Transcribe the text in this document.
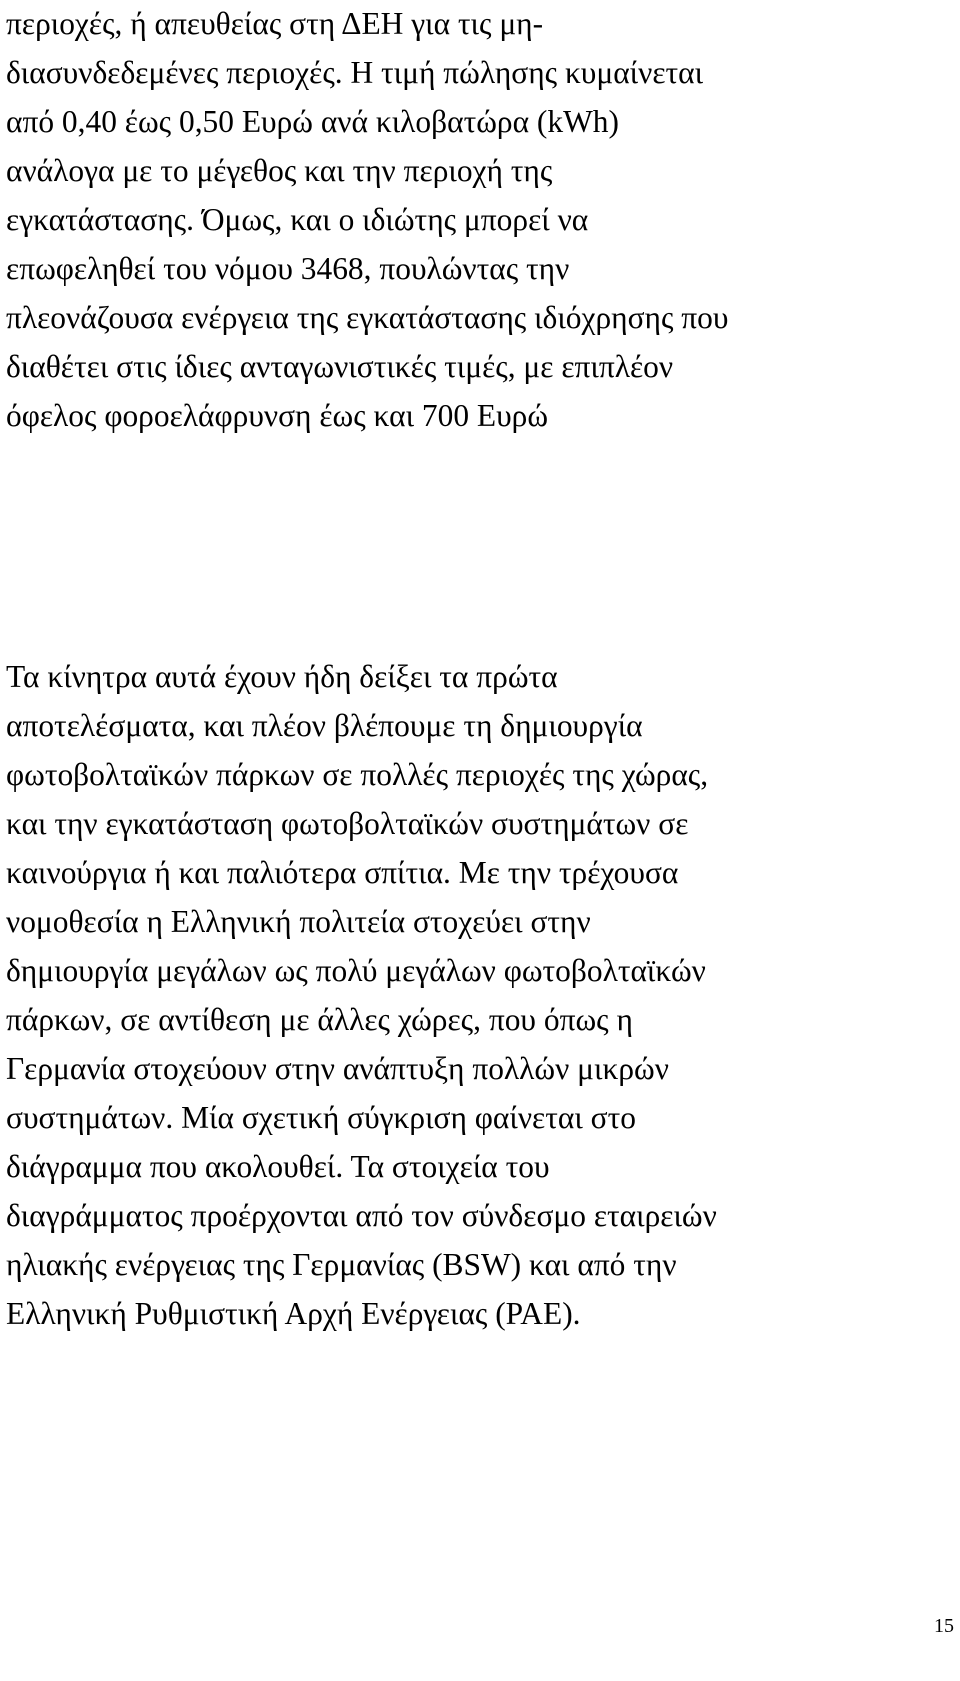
περιοχές, ή απευθείας στη ΔΕΗ για τις μη-
διασυνδεδεμένες περιοχές. Η τιμή πώλησης κυμαίνεται
από 0,40 έως 0,50 Ευρώ ανά κιλοβατώρα (kWh)
ανάλογα με το μέγεθος και την περιοχή της
εγκατάστασης. Όμως, και ο ιδιώτης μπορεί να
επωφεληθεί του νόμου 3468, πουλώντας την
πλεονάζουσα ενέργεια της εγκατάστασης ιδιόχρησης που
διαθέτει στις ίδιες ανταγωνιστικές τιμές, με επιπλέον
όφελος φοροελάφρυνση έως και 700 Ευρώ
Τα κίνητρα αυτά έχουν ήδη δείξει τα πρώτα
αποτελέσματα, και πλέον βλέπουμε τη δημιουργία
φωτοβολταϊκών πάρκων σε πολλές περιοχές της χώρας,
και την εγκατάσταση φωτοβολταϊκών συστημάτων σε
καινούργια ή και παλιότερα σπίτια. Με την τρέχουσα
νομοθεσία η Ελληνική πολιτεία στοχεύει στην
δημιουργία μεγάλων ως πολύ μεγάλων φωτοβολταϊκών
πάρκων, σε αντίθεση με άλλες χώρες, που όπως η
Γερμανία στοχεύουν στην ανάπτυξη πολλών μικρών
συστημάτων. Μία σχετική σύγκριση φαίνεται στο
διάγραμμα που ακολουθεί. Τα στοιχεία του
διαγράμματος προέρχονται από τον σύνδεσμο εταιρειών
ηλιακής ενέργειας της Γερμανίας (BSW) και από την
Ελληνική Ρυθμιστική Αρχή Ενέργειας (ΡΑΕ).
15
